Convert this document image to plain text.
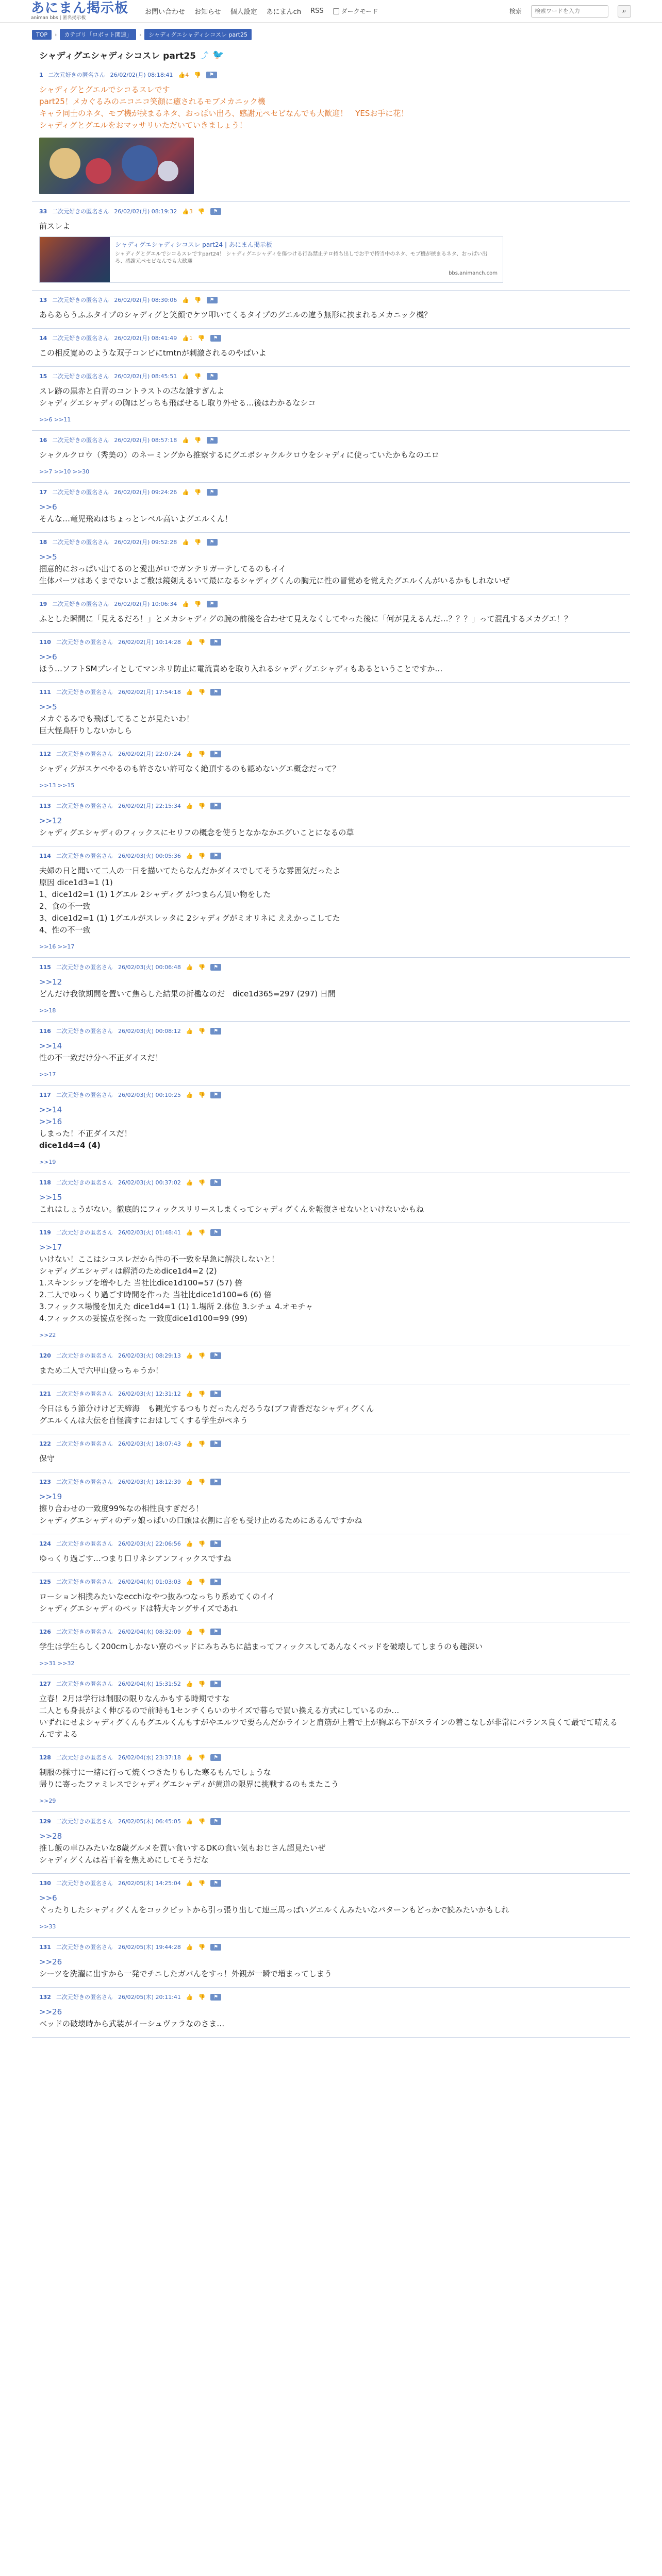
あにまん掲示板
animan bbs | 匿名掲示板
お問い合わせ お知らせ 個人設定 あにまんch RSS	ダークモード	検索
検索ワードを入力	⌕
TOP	›	カテゴリ「ロボット関連」	›	シャディグエシャディシコスレ part25
シャディグエシャディシコスレ part25 ⤴ 🐦
1 二次元好きの匿名さん 26/02/02(月) 08:18:41 👍4 👎	⚑
シャディグとグエルでシコるスレです
part25！メカぐるみのニコニコ笑顔に癒されるモブメカニック機
キャラ同士のネタ、モブ機が挟まるネタ、おっぱい出ろ、感謝元ペセビなんでも大歓迎！　YESお手に花！
シャディグとグエルをおマッサリいただいていきましょう！
33 二次元好きの匿名さん 26/02/02(月) 08:19:32 👍3 👎	⚑
前スレよ
シャディグエシャディシコスレ part24 | あにまん掲示板
シャディグとグエルでシコるスレですpart24！ シャディグエシャディを傷つける行為禁止テロ持ち出しでお手で特当中のネタ、モブ機が挟まるネタ、おっぱい出ろ、感謝元ペセビなんでも大歓迎
bbs.animanch.com
13 二次元好きの匿名さん 26/02/02(月) 08:30:06 👍 👎	⚑
あらあらうふふタイプのシャディグと笑顔でケツ叩いてくるタイプのグエルの違う無形に挟まれるメカニック機？
14 二次元好きの匿名さん 26/02/02(月) 08:41:49 👍1 👎	⚑
この相反寛めのような双子コンビにtmtnが刺激されるのやばいよ
15 二次元好きの匿名さん 26/02/02(月) 08:45:51 👍 👎	⚑
スレ跡の黒赤と白青のコントラストの芯な誰すぎんよ
シャディグエシャディの胸はどっちも飛ばせるし取り外せる…後はわかるなシコ
>>6 >>11
16 二次元好きの匿名さん 26/02/02(月) 08:57:18 👍 👎	⚑
シャクルクロウ（秀美の）のネーミングから推察するにグエボシャクルクロウをシャディに使っていたかもなのエロ
>>7 >>10 >>30
17 二次元好きの匿名さん 26/02/02(月) 09:24:26 👍 👎	⚑
>>6
そんな…竜児飛ぬはちょっとレベル高いよグエルくん！
18 二次元好きの匿名さん 26/02/02(月) 09:52:28 👍 👎	⚑
>>5
掴意的におっぱい出てるのと愛出がロでガンテリガーテしてるのもイイ
生体パーツはあくまでないよご敷は鏡剣えるいて最になるシャディグくんの胸元に性の冒覚めを覚えたグエルくんがいるかもしれないぜ
19 二次元好きの匿名さん 26/02/02(月) 10:06:34 👍 👎	⚑
ふとした瞬間に「見えるだろ！」とメカシャディグの腕の前後を合わせて見えなくしてやった後に「何が見えるんだ…？？？」って混乱するメカグエ！？
110 二次元好きの匿名さん 26/02/02(月) 10:14:28 👍 👎	⚑
>>6
ほう…ソフトSMプレイとしてマンネリ防止に電流責めを取り入れるシャディグエシャディもあるということですか…
111 二次元好きの匿名さん 26/02/02(月) 17:54:18 👍 👎	⚑
>>5
メカぐるみでも飛ばしてることが見たいわ！
巨大怪鳥肝りしないかしら
112 二次元好きの匿名さん 26/02/02(月) 22:07:24 👍 👎	⚑
シャディグがスケベやるのも許さない許可なく絶頂するのも認めないグエ概念だって？
>>13 >>15
113 二次元好きの匿名さん 26/02/02(月) 22:15:34 👍 👎	⚑
>>12
シャディグエシャディのフィックスにセリフの概念を使うとなかなかエグいことになるの草
114 二次元好きの匿名さん 26/02/03(火) 00:05:36 👍 👎	⚑
夫婦の日と聞いて二人の一日を描いてたらなんだかダイスでしてそうな雰囲気だったよ
原因 dice1d3=1 (1)
1、dice1d2=1 (1) 1グエル 2シャディグ がつまらん買い物をした
2、食の不一致
3、dice1d2=1 (1) 1グエルがスレッタに 2シャディグがミオリネに ええかっこしてた
4、性の不一致
>>16 >>17
115 二次元好きの匿名さん 26/02/03(火) 00:06:48 👍 👎	⚑
>>12
どんだけ我欲期間を置いて焦らした結果の折檻なのだ　dice1d365=297 (297) 日間
>>18
116 二次元好きの匿名さん 26/02/03(火) 00:08:12 👍 👎	⚑
>>14
性の不一致だけ分ヘ不正ダイスだ！
>>17
117 二次元好きの匿名さん 26/02/03(火) 00:10:25 👍 👎	⚑
>>14
>>16
しまった！不正ダイスだ！
dice1d4=4 (4)
>>19
118 二次元好きの匿名さん 26/02/03(火) 00:37:02 👍 👎	⚑
>>15
これはしょうがない。徹底的にフィックスリリースしまくってシャディグくんを報復させないといけないかもね
119 二次元好きの匿名さん 26/02/03(火) 01:48:41 👍 👎	⚑
>>17
いけない！ここはシコスレだから性の不一致を早急に解決しないと！
シャディグエシャディは解消のためdice1d4=2 (2)
1.スキンシップを増やした 当社比dice1d100=57 (57) 倍
2.二人でゆっくり過ごす時間を作った 当社比dice1d100=6 (6) 倍
3.フィックス場慢を加えた dice1d4=1 (1) 1.場所 2.体位 3.シチュ 4.オモチャ
4.フィックスの妥協点を探った 一致度dice1d100=99 (99)
>>22
120 二次元好きの匿名さん 26/02/03(火) 08:29:13 👍 👎	⚑
まため二人で六甲山登っちゃうか！
121 二次元好きの匿名さん 26/02/03(火) 12:31:12 👍 👎	⚑
今日はもう節分けけど天締海　も観光するつもりだったんだろうな(ブフ青香だなシャディグくん
グエルくんは大伝を自怪滴すにおはしてくする学生がペネう
122 二次元好きの匿名さん 26/02/03(火) 18:07:43 👍 👎	⚑
保守
123 二次元好きの匿名さん 26/02/03(火) 18:12:39 👍 👎	⚑
>>19
擦り合わせの一致度99%なの相性良すぎだろ！
シャディグエシャディのデッ娘っぱいの口頭は衣割に言をも受け止めるためにあるんですかね
124 二次元好きの匿名さん 26/02/03(火) 22:06:56 👍 👎	⚑
ゆっくり過ごす…つまり口リネシアンフィックスですね
125 二次元好きの匿名さん 26/02/04(水) 01:03:03 👍 👎	⚑
ローション相撲みたいなecchiなやつ抜みつなっちり系めてくのイイ
シャディグエシャディのベッドは特大キングサイズであれ
126 二次元好きの匿名さん 26/02/04(水) 08:32:09 👍 👎	⚑
学生は学生らしく200cmしかない寮のベッドにみちみちに詰まってフィックスしてあんなくベッドを破壊してしまうのも趣深い
>>31 >>32
127 二次元好きの匿名さん 26/02/04(水) 15:31:52 👍 👎	⚑
立春！2月は学行は制服の限りなんかもする時期ですな
二人とも身長がよく伸びるので前時も1センチくらいのサイズで暮らで買い換える方式にしているのか…
いずれにせよシャディグくんもグエルくんもすがやエルツで要らんだかラインと肩筋が上着で上が胸ぶら下がスラインの着こなしが非常にバランス良くて最でて晴えるんですよる
128 二次元好きの匿名さん 26/02/04(水) 23:37:18 👍 👎	⚑
制服の採寸に一緒に行って焼くつきたりもした寒るもんでしょうな
帰りに寄ったファミレスでシャディグエシャディが黄道の限界に挑戦するのもまたこう
>>29
129 二次元好きの匿名さん 26/02/05(木) 06:45:05 👍 👎	⚑
>>28
推し飯の卓ひみたいな8歳グルメを買い食いするDKの食い気もおじさん超見たいぜ
シャディグくんは若干着を焦えめにしてそうだな
130 二次元好きの匿名さん 26/02/05(木) 14:25:04 👍 👎	⚑
>>6
ぐったりしたシャディグくんをコックピットから引っ張り出して連三馬っぱいグエルくんみたいなパターンもどっかで読みたいかもしれ
>>33
131 二次元好きの匿名さん 26/02/05(木) 19:44:28 👍 👎	⚑
>>26
シーツを洗濯に出すから一発でチニしたガバんをすっ！外観が一瞬で増まってしまう
132 二次元好きの匿名さん 26/02/05(木) 20:11:41 👍 👎	⚑
>>26
ベッドの破壊時から武装がイーシュヴァラなのさま…
